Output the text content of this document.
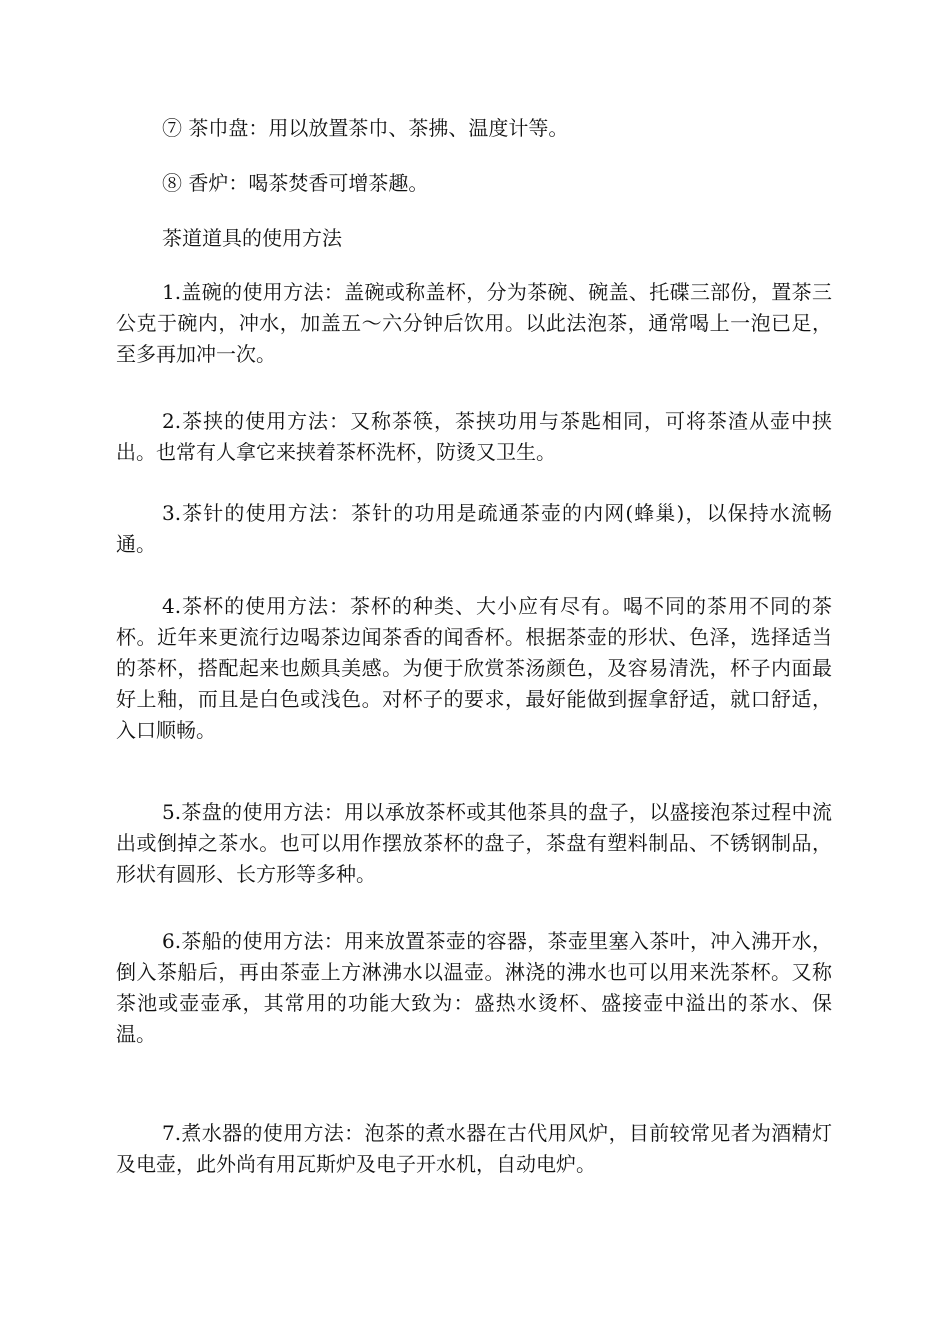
⑦ 茶巾盘：用以放置茶巾、茶拂、温度计等。
⑧ 香炉：喝茶焚香可增茶趣。
茶道道具的使用方法
1.盖碗的使用方法：盖碗或称盖杯，分为茶碗、碗盖、托碟三部份，置茶三公克于碗内，冲水，加盖五～六分钟后饮用。以此法泡茶，通常喝上一泡已足，至多再加冲一次。
2.茶挟的使用方法：又称茶筷，茶挟功用与茶匙相同，可将茶渣从壶中挟出。也常有人拿它来挟着茶杯洗杯，防烫又卫生。
3.茶针的使用方法：茶针的功用是疏通茶壶的内网(蜂巢)，以保持水流畅通。
4.茶杯的使用方法：茶杯的种类、大小应有尽有。喝不同的茶用不同的茶杯。近年来更流行边喝茶边闻茶香的闻香杯。根据茶壶的形状、色泽，选择适当的茶杯，搭配起来也颇具美感。为便于欣赏茶汤颜色，及容易清洗，杯子内面最好上釉，而且是白色或浅色。对杯子的要求，最好能做到握拿舒适，就口舒适，入口顺畅。
5.茶盘的使用方法：用以承放茶杯或其他茶具的盘子，以盛接泡茶过程中流出或倒掉之茶水。也可以用作摆放茶杯的盘子，茶盘有塑料制品、不锈钢制品，形状有圆形、长方形等多种。
6.茶船的使用方法：用来放置茶壶的容器，茶壶里塞入茶叶，冲入沸开水，倒入茶船后，再由茶壶上方淋沸水以温壶。淋浇的沸水也可以用来洗茶杯。又称茶池或壶壶承，其常用的功能大致为：盛热水烫杯、盛接壶中溢出的茶水、保温。
7.煮水器的使用方法：泡茶的煮水器在古代用风炉，目前较常见者为酒精灯及电壶，此外尚有用瓦斯炉及电子开水机，自动电炉。
